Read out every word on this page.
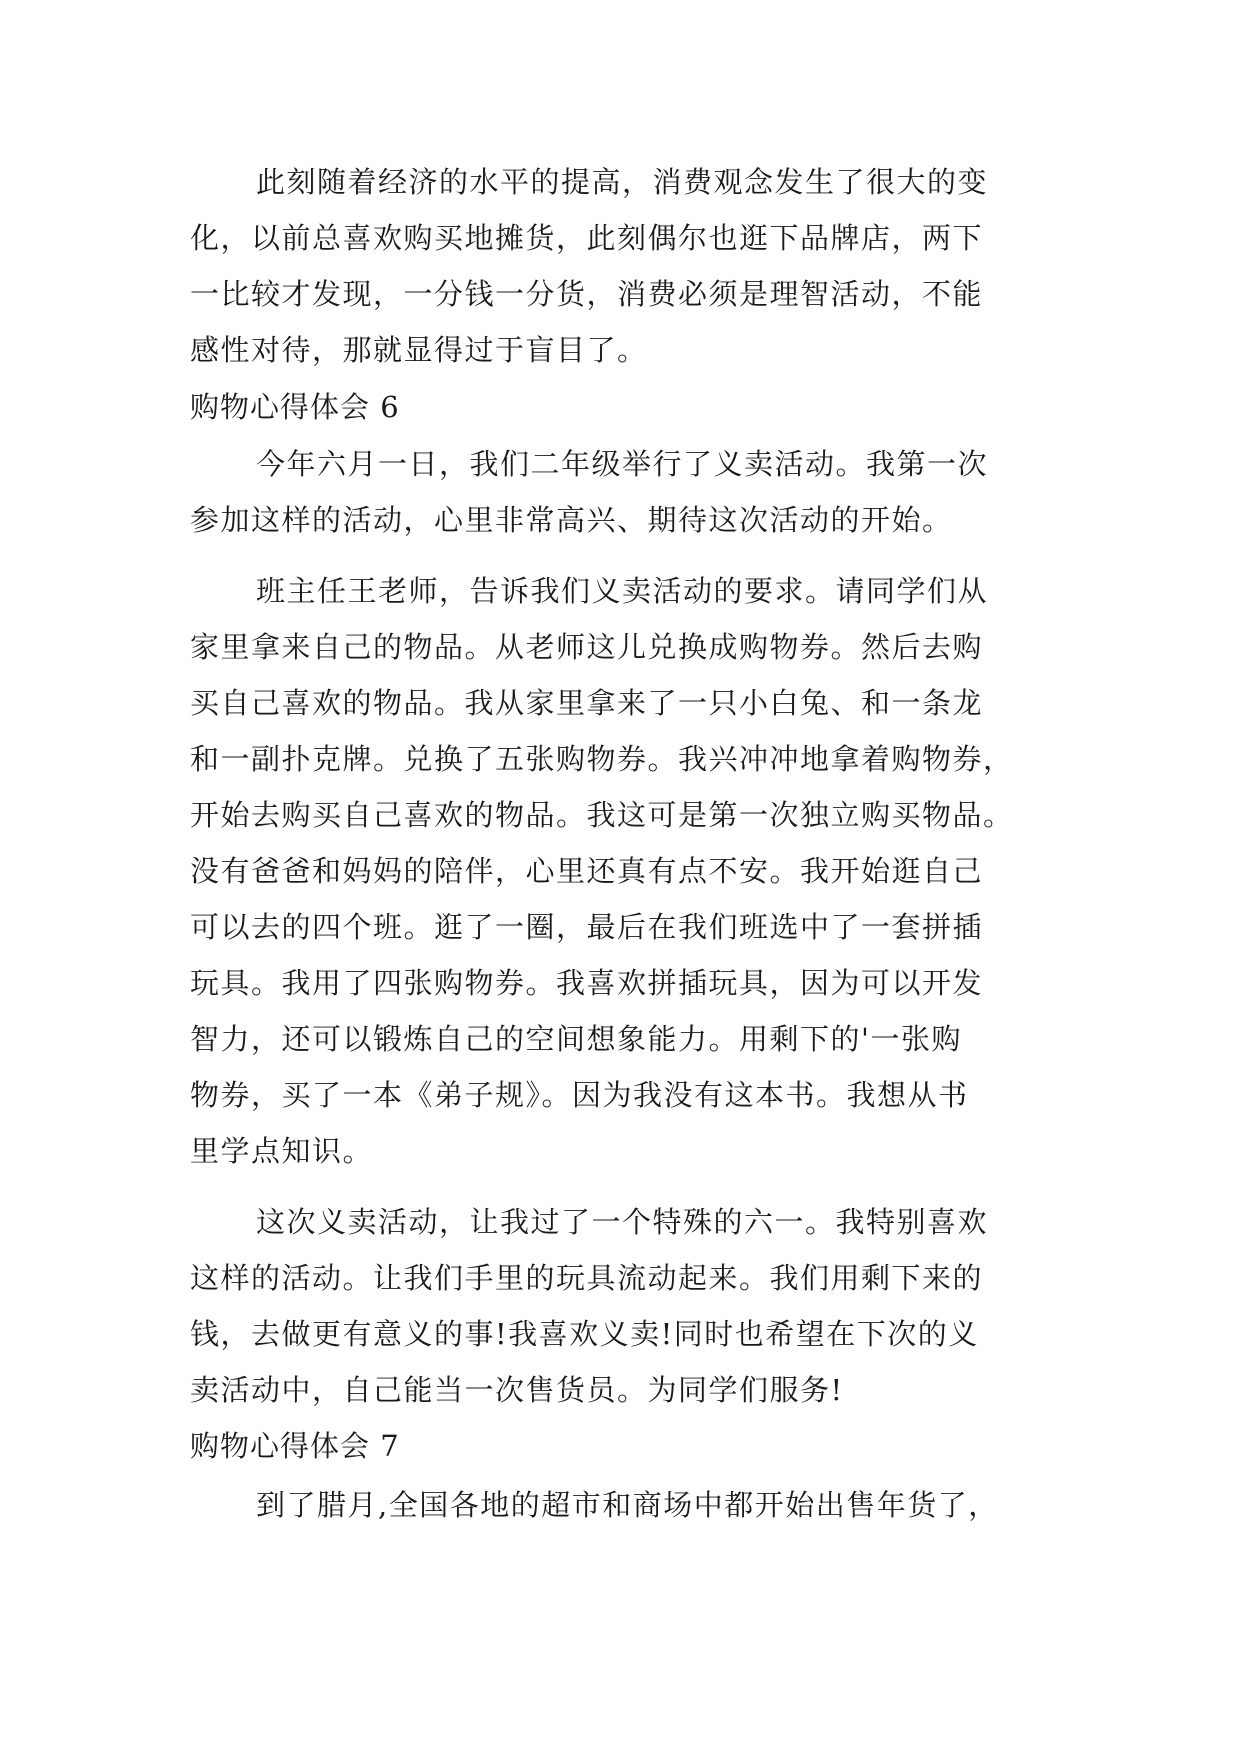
此刻随着经济的水平的提高，消费观念发生了很大的变
化，以前总喜欢购买地摊货，此刻偶尔也逛下品牌店，两下
一比较才发现，一分钱一分货，消费必须是理智活动，不能
感性对待，那就显得过于盲目了。
购物心得体会 6
今年六月一日，我们二年级举行了义卖活动。我第一次
参加这样的活动，心里非常高兴、期待这次活动的开始。
班主任王老师，告诉我们义卖活动的要求。请同学们从
家里拿来自己的物品。从老师这儿兑换成购物券。然后去购
买自己喜欢的物品。我从家里拿来了一只小白兔、和一条龙
和一副扑克牌。兑换了五张购物券。我兴冲冲地拿着购物券，
开始去购买自己喜欢的物品。我这可是第一次独立购买物品。
没有爸爸和妈妈的陪伴，心里还真有点不安。我开始逛自己
可以去的四个班。逛了一圈，最后在我们班选中了一套拼插
玩具。我用了四张购物券。我喜欢拼插玩具，因为可以开发
智力，还可以锻炼自己的空间想象能力。用剩下的'一张购
物券，买了一本《弟子规》。因为我没有这本书。我想从书
里学点知识。
这次义卖活动，让我过了一个特殊的六一。我特别喜欢
这样的活动。让我们手里的玩具流动起来。我们用剩下来的
钱，去做更有意义的事!我喜欢义卖!同时也希望在下次的义
卖活动中，自己能当一次售货员。为同学们服务!
购物心得体会 7
到了腊月,全国各地的超市和商场中都开始出售年货了，
